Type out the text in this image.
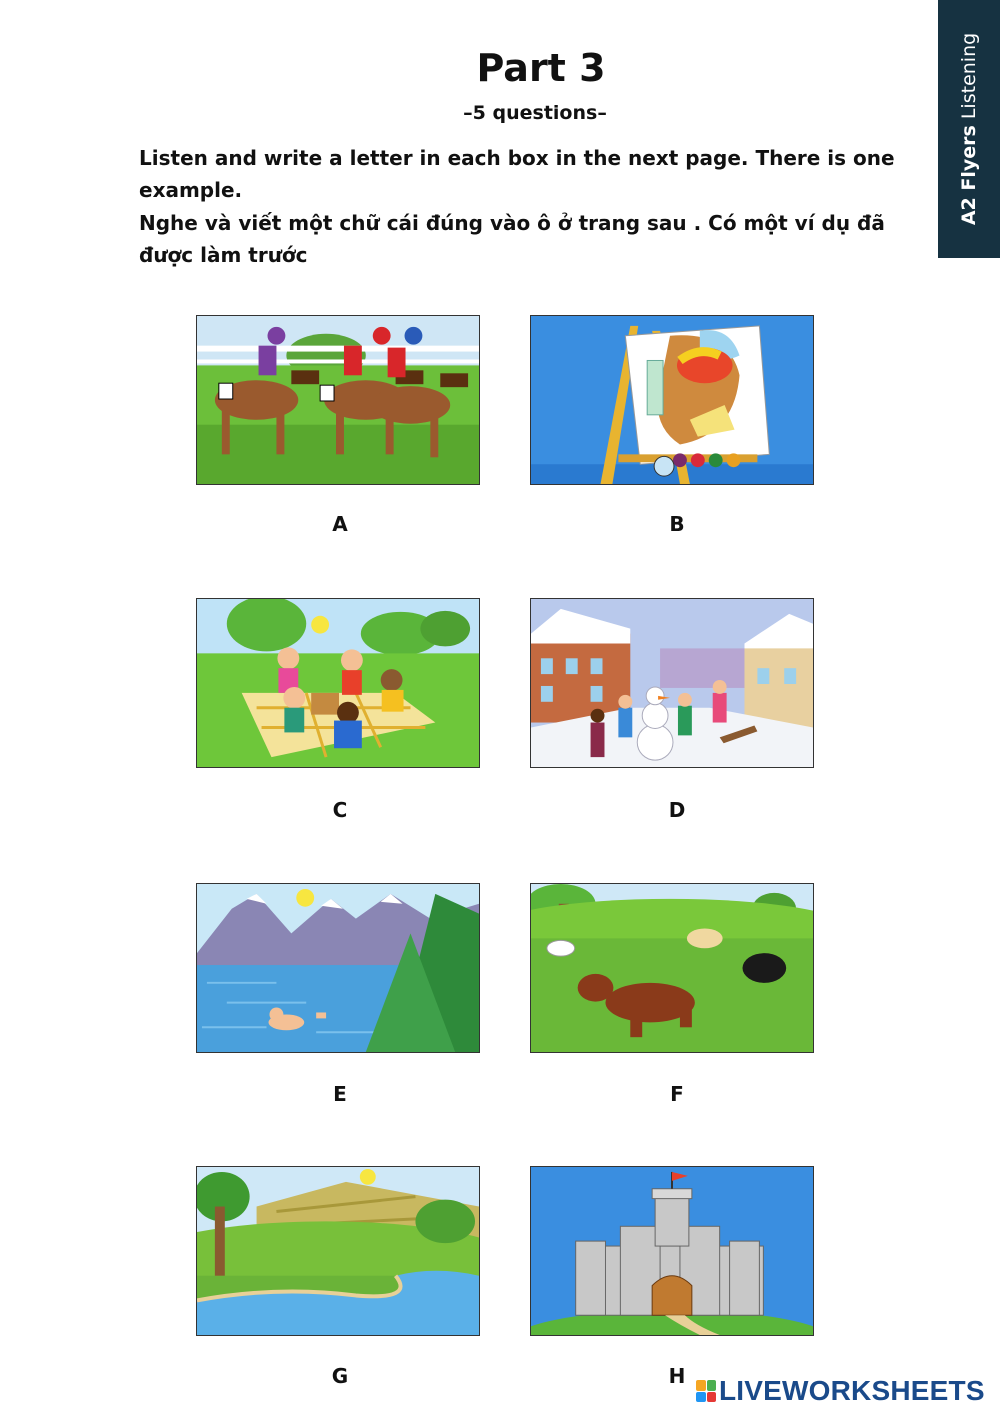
A2 Flyers Listening
Part 3
–5 questions–
Listen and write a letter in each box in the next page. There is one example.
Nghe và viết một chữ cái đúng vào ô ở trang sau . Có một ví dụ đã được làm trước
A	B
C	D
E	F
G	H	LIVEWORKSHEETS
